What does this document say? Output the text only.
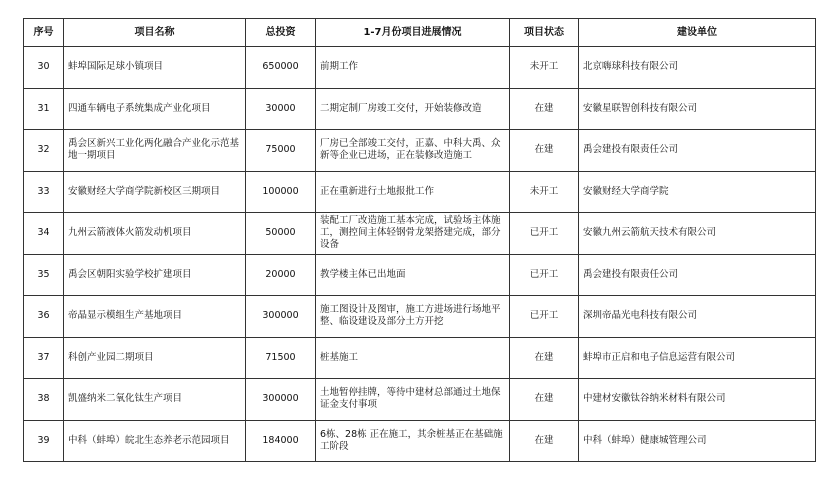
序号	项目名称	总投资	1-7月份项目进展情况	项目状态	建设单位
30	蚌埠国际足球小镇项目	650000	前期工作	未开工	北京嗨球科技有限公司
31	四通车辆电子系统集成产业化项目	30000	二期定制厂房竣工交付，开始装修改造	在建	安徽星联智创科技有限公司
32	禹会区新兴工业化两化融合产业化示范基地一期项目	75000	厂房已全部竣工交付，正嘉、中科大禹、众新等企业已进场，正在装修改造施工	在建	禹会建投有限责任公司
33	安徽财经大学商学院新校区三期项目	100000	正在重新进行土地报批工作	未开工	安徽财经大学商学院
34	九州云箭液体火箭发动机项目	50000	装配工厂改造施工基本完成，试验场主体施工，测控间主体轻钢骨龙架搭建完成，部分设备	已开工	安徽九州云箭航天技术有限公司
35	禹会区朝阳实验学校扩建项目	20000	教学楼主体已出地面	已开工	禹会建投有限责任公司
36	帝晶显示模组生产基地项目	300000	施工图设计及图审，施工方进场进行场地平整、临设建设及部分土方开挖	已开工	深圳帝晶光电科技有限公司
37	科创产业园二期项目	71500	桩基施工	在建	蚌埠市正启和电子信息运营有限公司
38	凯盛纳米二氧化钛生产项目	300000	土地暂停挂牌，等待中建材总部通过土地保证金支付事项	在建	中建材安徽钛谷纳米材料有限公司
39	中科（蚌埠）皖北生态养老示范园项目	184000	6栋、28栋 正在施工，其余桩基正在基础施工阶段	在建	中科（蚌埠）健康城管理公司
